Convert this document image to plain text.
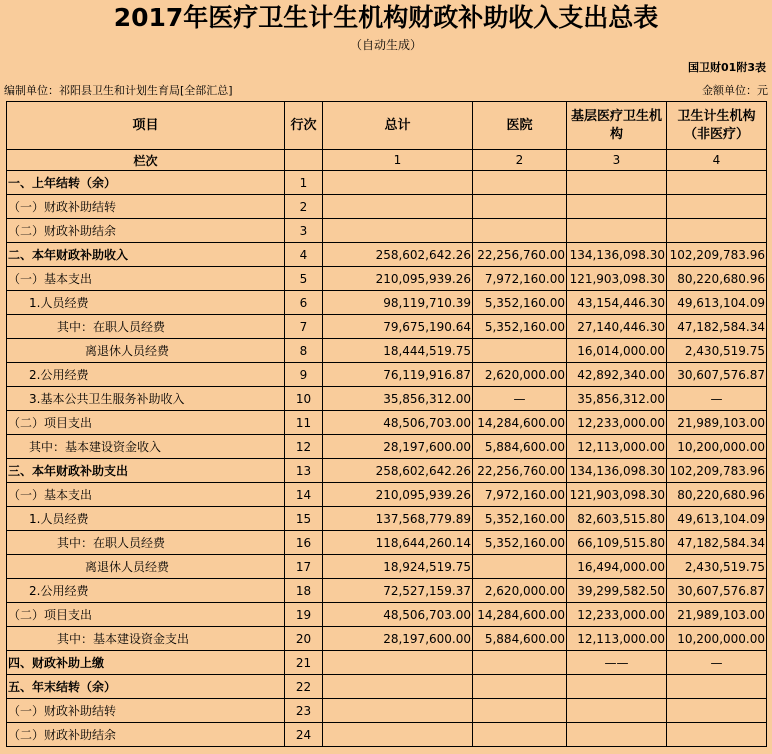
2017年医疗卫生计生机构财政补助收入支出总表
（自动生成）
国卫财01附3表
编制单位：祁阳县卫生和计划生育局[全部汇总]	金额单位：元
项目	行次	总计	医院	基层医疗卫生机构	卫生计生机构（非医疗）
栏次		1	2	3	4
一、上年结转（余）	1				
（一）财政补助结转	2				
（二）财政补助结余	3				
二、本年财政补助收入	4	258,602,642.26	22,256,760.00	134,136,098.30	102,209,783.96
（一）基本支出	5	210,095,939.26	7,972,160.00	121,903,098.30	80,220,680.96
1.人员经费	6	98,119,710.39	5,352,160.00	43,154,446.30	49,613,104.09
其中：在职人员经费	7	79,675,190.64	5,352,160.00	27,140,446.30	47,182,584.34
离退休人员经费	8	18,444,519.75		16,014,000.00	2,430,519.75
2.公用经费	9	76,119,916.87	2,620,000.00	42,892,340.00	30,607,576.87
3.基本公共卫生服务补助收入	10	35,856,312.00	—	35,856,312.00	—
（二）项目支出	11	48,506,703.00	14,284,600.00	12,233,000.00	21,989,103.00
其中：基本建设资金收入	12	28,197,600.00	5,884,600.00	12,113,000.00	10,200,000.00
三、本年财政补助支出	13	258,602,642.26	22,256,760.00	134,136,098.30	102,209,783.96
（一）基本支出	14	210,095,939.26	7,972,160.00	121,903,098.30	80,220,680.96
1.人员经费	15	137,568,779.89	5,352,160.00	82,603,515.80	49,613,104.09
其中：在职人员经费	16	118,644,260.14	5,352,160.00	66,109,515.80	47,182,584.34
离退休人员经费	17	18,924,519.75		16,494,000.00	2,430,519.75
2.公用经费	18	72,527,159.37	2,620,000.00	39,299,582.50	30,607,576.87
（二）项目支出	19	48,506,703.00	14,284,600.00	12,233,000.00	21,989,103.00
其中：基本建设资金支出	20	28,197,600.00	5,884,600.00	12,113,000.00	10,200,000.00
四、财政补助上缴	21			——	—
五、年末结转（余）	22				
（一）财政补助结转	23				
（二）财政补助结余	24				
